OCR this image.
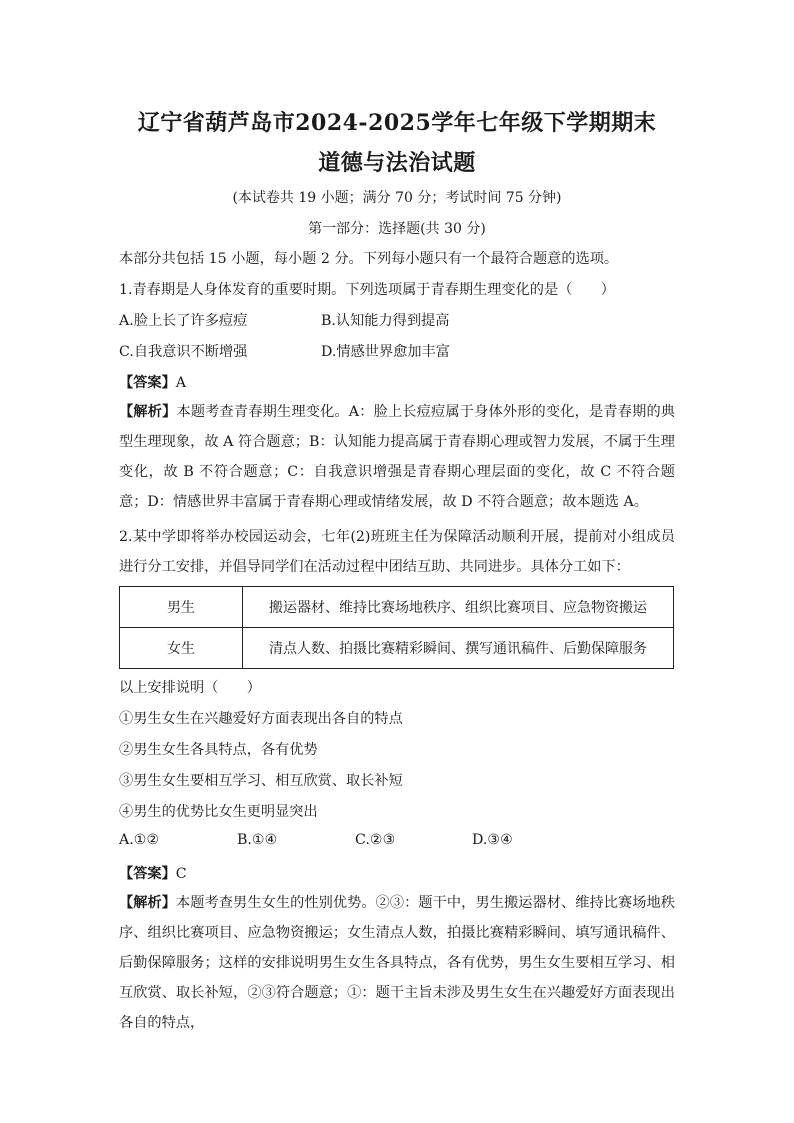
辽宁省葫芦岛市2024-2025学年七年级下学期期末
道德与法治试题
(本试卷共 19 小题；满分 70 分；考试时间 75 分钟)
第一部分：选择题(共 30 分)
本部分共包括 15 小题，每小题 2 分。下列每小题只有一个最符合题意的选项。
1.青春期是人身体发育的重要时期。下列选项属于青春期生理变化的是（　　）
A.脸上长了许多痘痘	B.认知能力得到提高
C.自我意识不断增强	D.情感世界愈加丰富
【答案】A
【解析】本题考查青春期生理变化。A：脸上长痘痘属于身体外形的变化，是青春期的典型生理现象，故 A 符合题意；B：认知能力提高属于青春期心理或智力发展，不属于生理变化，故 B 不符合题意；C：自我意识增强是青春期心理层面的变化，故 C 不符合题意；D：情感世界丰富属于青春期心理或情绪发展，故 D 不符合题意；故本题选 A。
2.某中学即将举办校园运动会，七年(2)班班主任为保障活动顺利开展，提前对小组成员进行分工安排，并倡导同学们在活动过程中团结互助、共同进步。具体分工如下：
男生	搬运器材、维持比赛场地秩序、组织比赛项目、应急物资搬运
女生	清点人数、拍摄比赛精彩瞬间、撰写通讯稿件、后勤保障服务
以上安排说明（　　）
①男生女生在兴趣爱好方面表现出各自的特点
②男生女生各具特点，各有优势
③男生女生要相互学习、相互欣赏、取长补短
④男生的优势比女生更明显突出
A.①②	B.①④	C.②③	D.③④
【答案】C
【解析】本题考查男生女生的性别优势。②③：题干中，男生搬运器材、维持比赛场地秩序、组织比赛项目、应急物资搬运；女生清点人数，拍摄比赛精彩瞬间、填写通讯稿件、后勤保障服务；这样的安排说明男生女生各具特点，各有优势，男生女生要相互学习、相互欣赏、取长补短，②③符合题意；①：题干主旨未涉及男生女生在兴趣爱好方面表现出各自的特点，
